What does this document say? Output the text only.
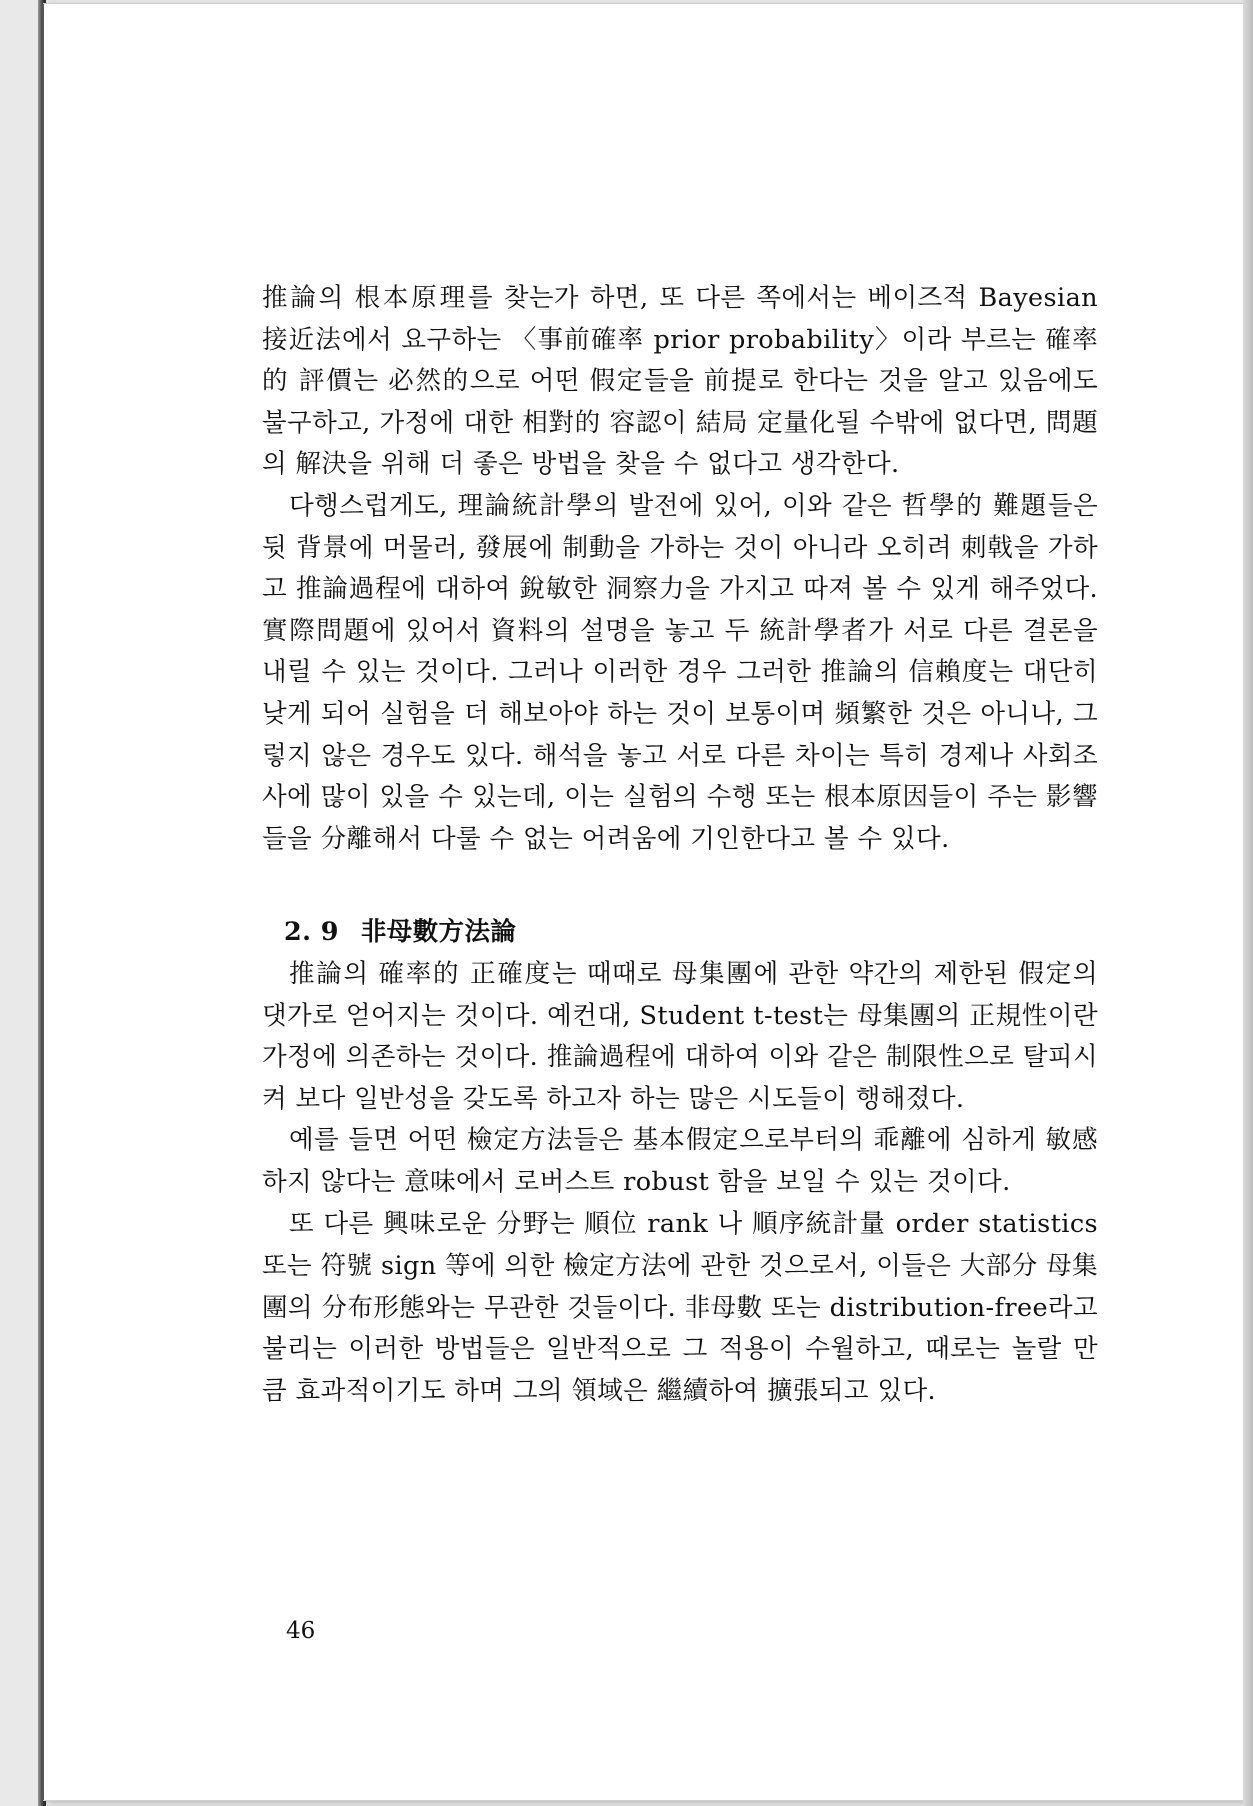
推論의 根本原理를 찾는가 하면, 또 다른 쪽에서는 베이즈적 Bayesian 接近法에서 요구하는 〈事前確率 prior probability〉이라 부르는 確率的 評價는 必然的으로 어떤 假定들을 前提로 한다는 것을 알고 있음에도 불구하고, 가정에 대한 相對的 容認이 結局 定量化될 수밖에 없다면, 問題의 解決을 위해 더 좋은 방법을 찾을 수 없다고 생각한다.

다행스럽게도, 理論統計學의 발전에 있어, 이와 같은 哲學的 難題들은 뒷 背景에 머물러, 發展에 制動을 가하는 것이 아니라 오히려 刺戟을 가하고 推論過程에 대하여 銳敏한 洞察力을 가지고 따져 볼 수 있게 해주었다. 實際問題에 있어서 資料의 설명을 놓고 두 統計學者가 서로 다른 결론을 내릴 수 있는 것이다. 그러나 이러한 경우 그러한 推論의 信賴度는 대단히 낮게 되어 실험을 더 해보아야 하는 것이 보통이며 頻繁한 것은 아니나, 그렇지 않은 경우도 있다. 해석을 놓고 서로 다른 차이는 특히 경제나 사회조사에 많이 있을 수 있는데, 이는 실험의 수행 또는 根本原因들이 주는 影響들을 分離해서 다룰 수 없는 어려움에 기인한다고 볼 수 있다.

2. 9 非母數方法論

推論의 確率的 正確度는 때때로 母集團에 관한 약간의 제한된 假定의 댓가로 얻어지는 것이다. 예컨대, Student t-test는 母集團의 正規性이란 가정에 의존하는 것이다. 推論過程에 대하여 이와 같은 制限性으로 탈피시켜 보다 일반성을 갖도록 하고자 하는 많은 시도들이 행해졌다.

예를 들면 어떤 檢定方法들은 基本假定으로부터의 乖離에 심하게 敏感하지 않다는 意味에서 로버스트 robust 함을 보일 수 있는 것이다.

또 다른 興味로운 分野는 順位 rank 나 順序統計量 order statistics 또는 符號 sign 等에 의한 檢定方法에 관한 것으로서, 이들은 大部分 母集團의 分布形態와는 무관한 것들이다. 非母數 또는 distribution-free라고 불리는 이러한 방법들은 일반적으로 그 적용이 수월하고, 때로는 놀랄 만큼 효과적이기도 하며 그의 領域은 繼續하여 擴張되고 있다.

46
